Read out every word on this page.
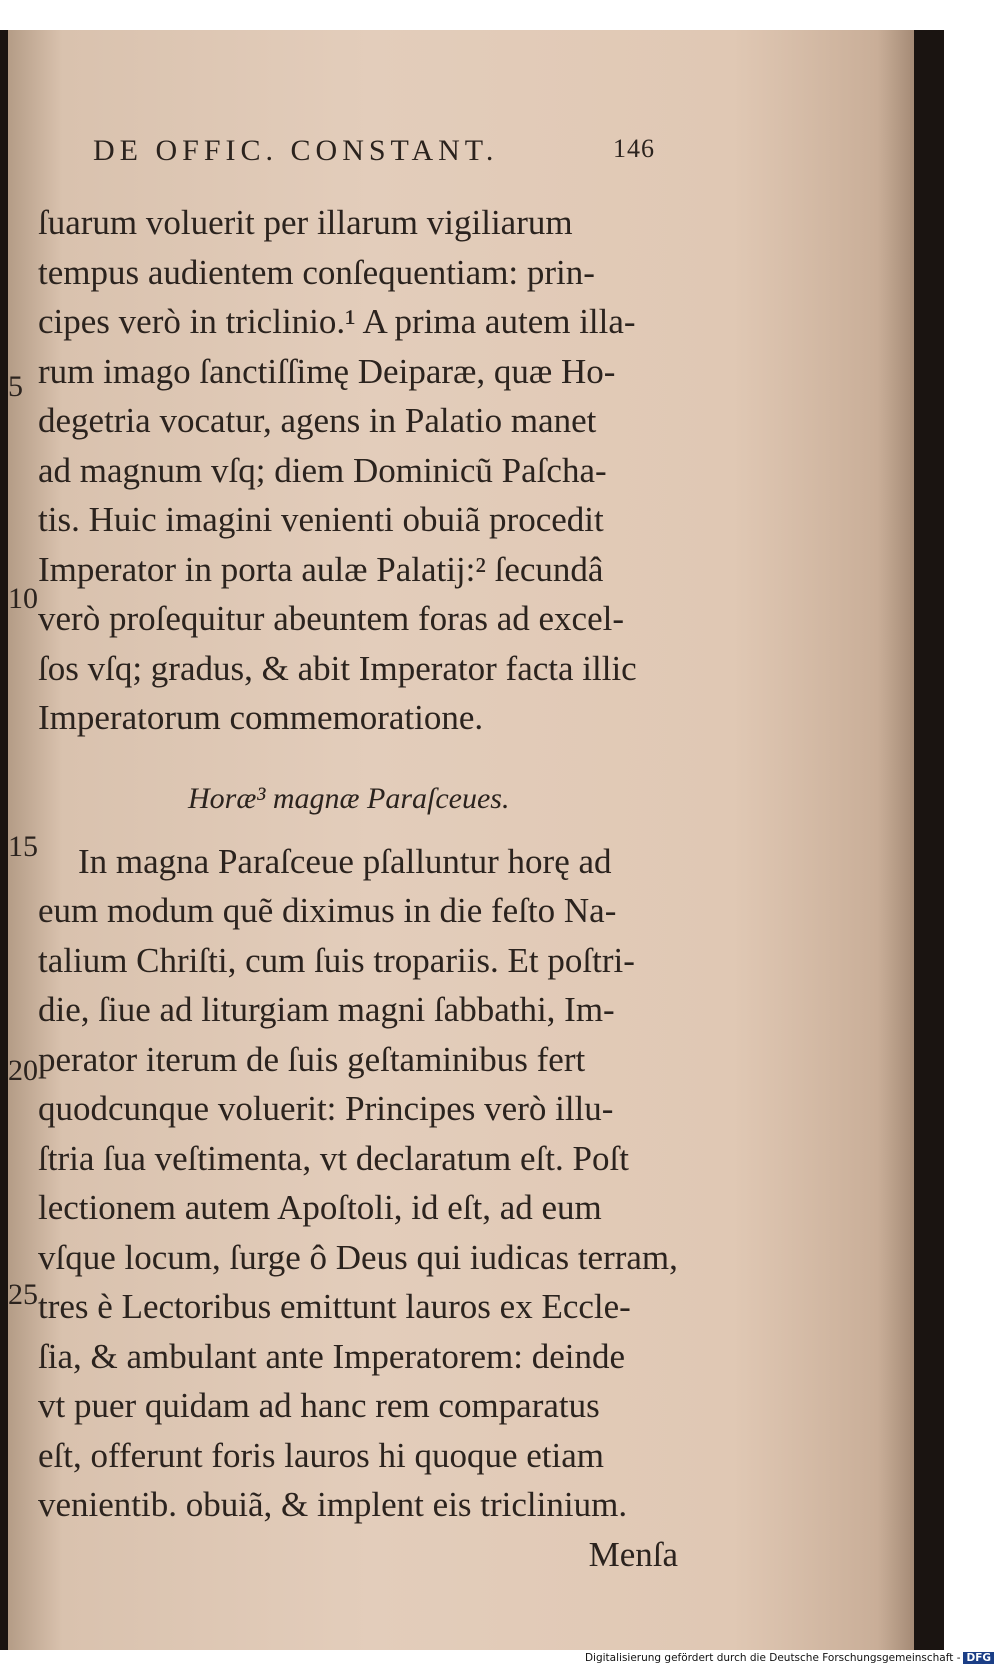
DE OFFIC. CONSTANT.	146
5
10
15
20
25
ſuarum voluerit per illarum vigiliarum
tempus audientem conſequentiam: prin-
cipes verò in triclinio.¹ A prima autem illa-
rum imago ſanctiſſimę Deiparæ, quæ Ho-
degetria vocatur, agens in Palatio manet
ad magnum vſq; diem Dominicũ Paſcha-
tis. Huic imagini venienti obuiã procedit
Imperator in porta aulæ Palatij:² ſecundâ
verò proſequitur abeuntem foras ad excel-
ſos vſq; gradus, & abit Imperator facta illic
Imperatorum commemoratione.
Horæ³ magnæ Paraſceues.
In magna Paraſceue pſalluntur horę ad
eum modum quẽ diximus in die feſto Na-
talium Chriſti, cum ſuis tropariis. Et poſtri-
die, ſiue ad liturgiam magni ſabbathi, Im-
perator iterum de ſuis geſtaminibus fert
quodcunque voluerit: Principes verò illu-
ſtria ſua veſtimenta, vt declaratum eſt. Poſt
lectionem autem Apoſtoli, id eſt, ad eum
vſque locum, ſurge ô Deus qui iudicas terram,
tres è Lectoribus emittunt lauros ex Eccle-
ſia, & ambulant ante Imperatorem: deinde
vt puer quidam ad hanc rem comparatus
eſt, offerunt foris lauros hi quoque etiam
venientib. obuiã, & implent eis triclinium.
Menſa
Digitalisierung gefördert durch die Deutsche Forschungsgemeinschaft - DFG
